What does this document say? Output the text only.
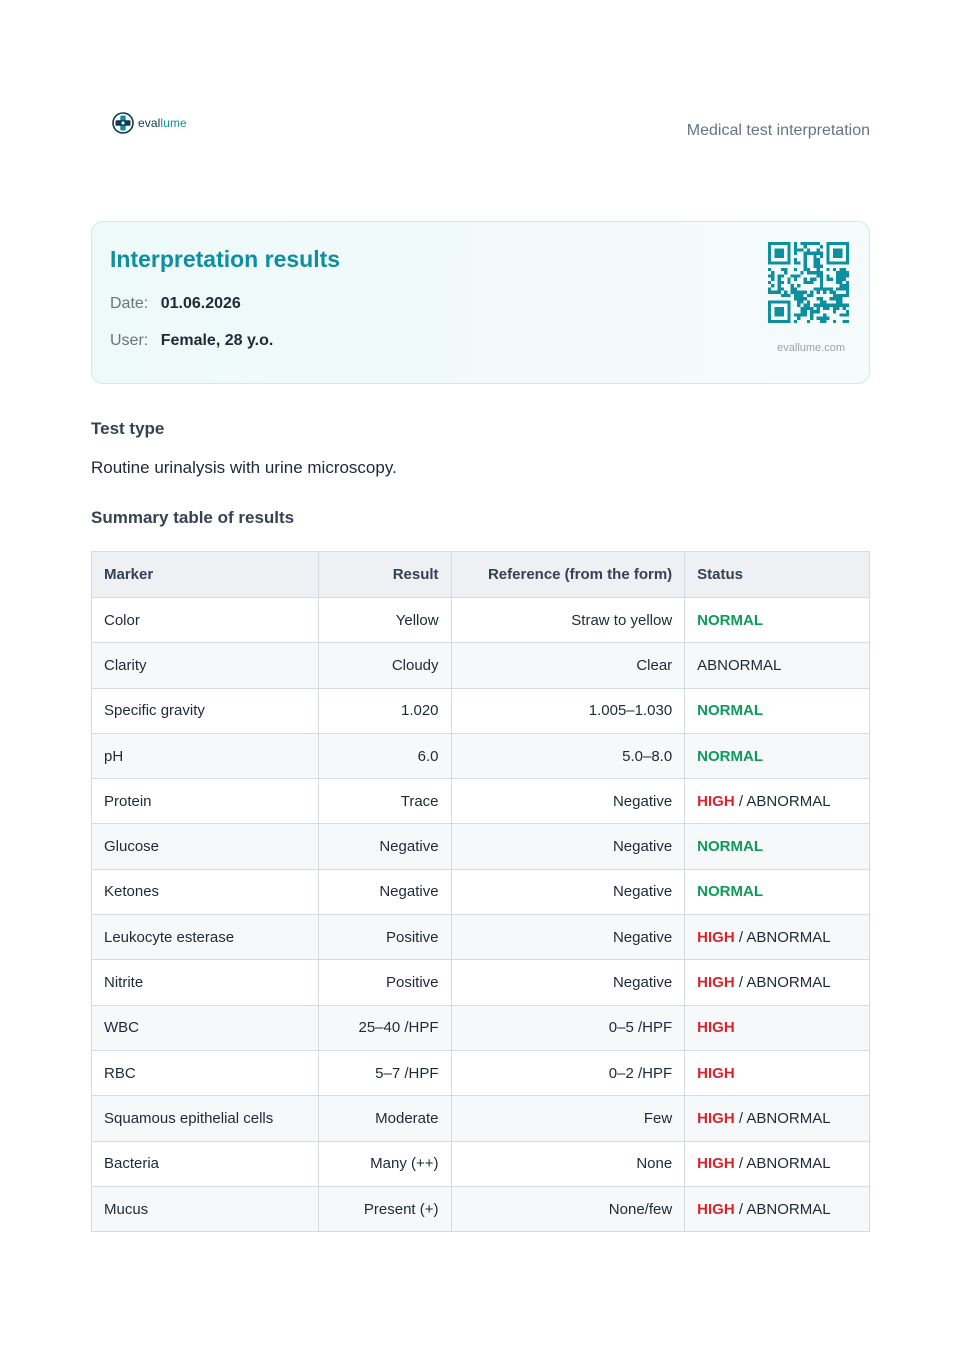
evallume	Medical test interpretation
Interpretation results
Date: 01.06.2026
User: Female, 28 y.o.	evallume.com
Test type
Routine urinalysis with urine microscopy.
Summary table of results
Marker	Result	Reference (from the form)	Status
Color	Yellow	Straw to yellow	NORMAL
Clarity	Cloudy	Clear	ABNORMAL
Specific gravity	1.020	1.005–1.030	NORMAL
pH	6.0	5.0–8.0	NORMAL
Protein	Trace	Negative	HIGH / ABNORMAL
Glucose	Negative	Negative	NORMAL
Ketones	Negative	Negative	NORMAL
Leukocyte esterase	Positive	Negative	HIGH / ABNORMAL
Nitrite	Positive	Negative	HIGH / ABNORMAL
WBC	25–40 /HPF	0–5 /HPF	HIGH
RBC	5–7 /HPF	0–2 /HPF	HIGH
Squamous epithelial cells	Moderate	Few	HIGH / ABNORMAL
Bacteria	Many (++)	None	HIGH / ABNORMAL
Mucus	Present (+)	None/few	HIGH / ABNORMAL
